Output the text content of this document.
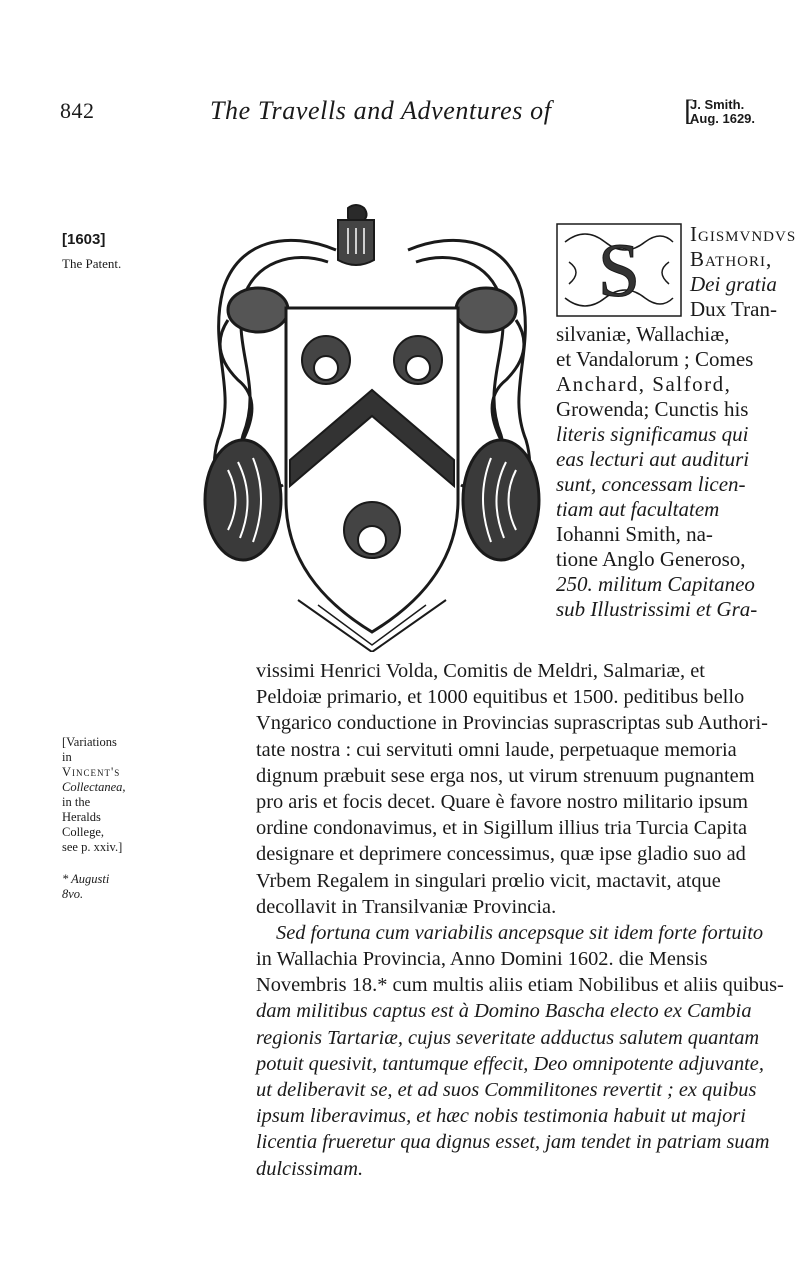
842	The Travells and Adventures of	[
J. Smith.
Aug. 1629.
[1603]
The Patent.
[Variations
in
Vincent's
Collectanea,
in the
Heralds
College,
see p. xxiv.]
* Augusti
8vo.
S Igismvndvs
Bathori,
Dei gratia
Dux Tran-
silvaniæ, Wallachiæ,
et Vandalorum ; Comes
Anchard, Salford,
Growenda; Cunctis his
literis significamus qui
eas lecturi aut audituri
sunt, concessam licen-
tiam aut facultatem
Iohanni Smith, na-
tione Anglo Generoso,
250. militum Capitaneo
sub Illustrissimi et Gra-
vissimi Henrici Volda, Comitis de Meldri, Salmariæ, et
Peldoiæ primario, et 1000 equitibus et 1500. peditibus bello
Vngarico conductione in Provincias suprascriptas sub Authori-
tate nostra : cui servituti omni laude, perpetuaque memoria
dignum præbuit sese erga nos, ut virum strenuum pugnantem
pro aris et focis decet. Quare è favore nostro militario ipsum
ordine condonavimus, et in Sigillum illius tria Turcia Capita
designare et deprimere concessimus, quæ ipse gladio suo ad
Vrbem Regalem in singulari prœlio vicit, mactavit, atque
decollavit in Transilvaniæ Provincia.
Sed fortuna cum variabilis ancepsque sit idem forte fortuito
in Wallachia Provincia, Anno Domini 1602. die Mensis
Novembris 18.* cum multis aliis etiam Nobilibus et aliis quibus-
dam militibus captus est à Domino Bascha electo ex Cambia
regionis Tartariæ, cujus severitate adductus salutem quantam
potuit quesivit, tantumque effecit, Deo omnipotente adjuvante,
ut deliberavit se, et ad suos Commilitones revertit ; ex quibus
ipsum liberavimus, et hæc nobis testimonia habuit ut majori
licentia frueretur qua dignus esset, jam tendet in patriam suam
dulcissimam.
